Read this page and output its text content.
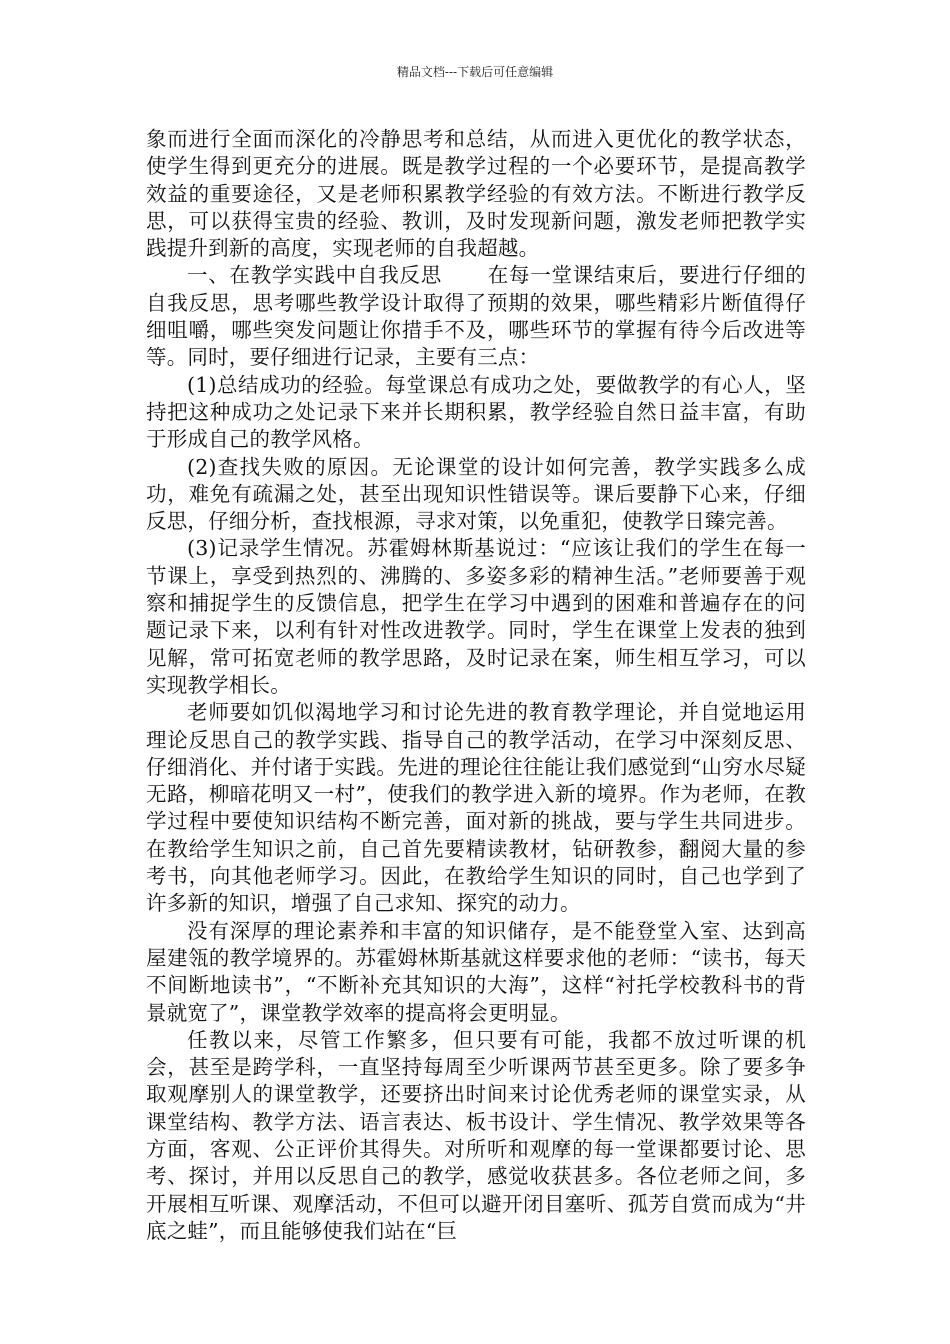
精品文档---下载后可任意编辑

象而进行全面而深化的冷静思考和总结，从而进入更优化的教学状态，使学生得到更充分的进展。既是教学过程的一个必要环节，是提高教学效益的重要途径，又是老师积累教学经验的有效方法。不断进行教学反思，可以获得宝贵的经验、教训，及时发现新问题，激发老师把教学实践提升到新的高度，实现老师的自我超越。

一、在教学实践中自我反思 在每一堂课结束后，要进行仔细的自我反思，思考哪些教学设计取得了预期的效果，哪些精彩片断值得仔细咀嚼，哪些突发问题让你措手不及，哪些环节的掌握有待今后改进等等。同时，要仔细进行记录，主要有三点：

(1)总结成功的经验。每堂课总有成功之处，要做教学的有心人，坚持把这种成功之处记录下来并长期积累，教学经验自然日益丰富，有助于形成自己的教学风格。

(2)查找失败的原因。无论课堂的设计如何完善，教学实践多么成功，难免有疏漏之处，甚至出现知识性错误等。课后要静下心来，仔细反思，仔细分析，查找根源，寻求对策，以免重犯，使教学日臻完善。

(3)记录学生情况。苏霍姆林斯基说过：“应该让我们的学生在每一节课上，享受到热烈的、沸腾的、多姿多彩的精神生活。”老师要善于观察和捕捉学生的反馈信息，把学生在学习中遇到的困难和普遍存在的问题记录下来，以利有针对性改进教学。同时，学生在课堂上发表的独到见解，常可拓宽老师的教学思路，及时记录在案，师生相互学习，可以实现教学相长。

老师要如饥似渴地学习和讨论先进的教育教学理论，并自觉地运用理论反思自己的教学实践、指导自己的教学活动，在学习中深刻反思、仔细消化、并付诸于实践。先进的理论往往能让我们感觉到“山穷水尽疑无路，柳暗花明又一村”，使我们的教学进入新的境界。作为老师，在教学过程中要使知识结构不断完善，面对新的挑战，要与学生共同进步。在教给学生知识之前，自己首先要精读教材，钻研教参，翻阅大量的参考书，向其他老师学习。因此，在教给学生知识的同时，自己也学到了许多新的知识，增强了自己求知、探究的动力。

没有深厚的理论素养和丰富的知识储存，是不能登堂入室、达到高屋建瓴的教学境界的。苏霍姆林斯基就这样要求他的老师：“读书，每天不间断地读书”，“不断补充其知识的大海”，这样“衬托学校教科书的背景就宽了”，课堂教学效率的提高将会更明显。

任教以来，尽管工作繁多，但只要有可能，我都不放过听课的机会，甚至是跨学科，一直坚持每周至少听课两节甚至更多。除了要多争取观摩别人的课堂教学，还要挤出时间来讨论优秀老师的课堂实录，从课堂结构、教学方法、语言表达、板书设计、学生情况、教学效果等各方面，客观、公正评价其得失。对所听和观摩的每一堂课都要讨论、思考、探讨，并用以反思自己的教学，感觉收获甚多。各位老师之间，多开展相互听课、观摩活动，不但可以避开闭目塞听、孤芳自赏而成为“井底之蛙”，而且能够使我们站在“巨
